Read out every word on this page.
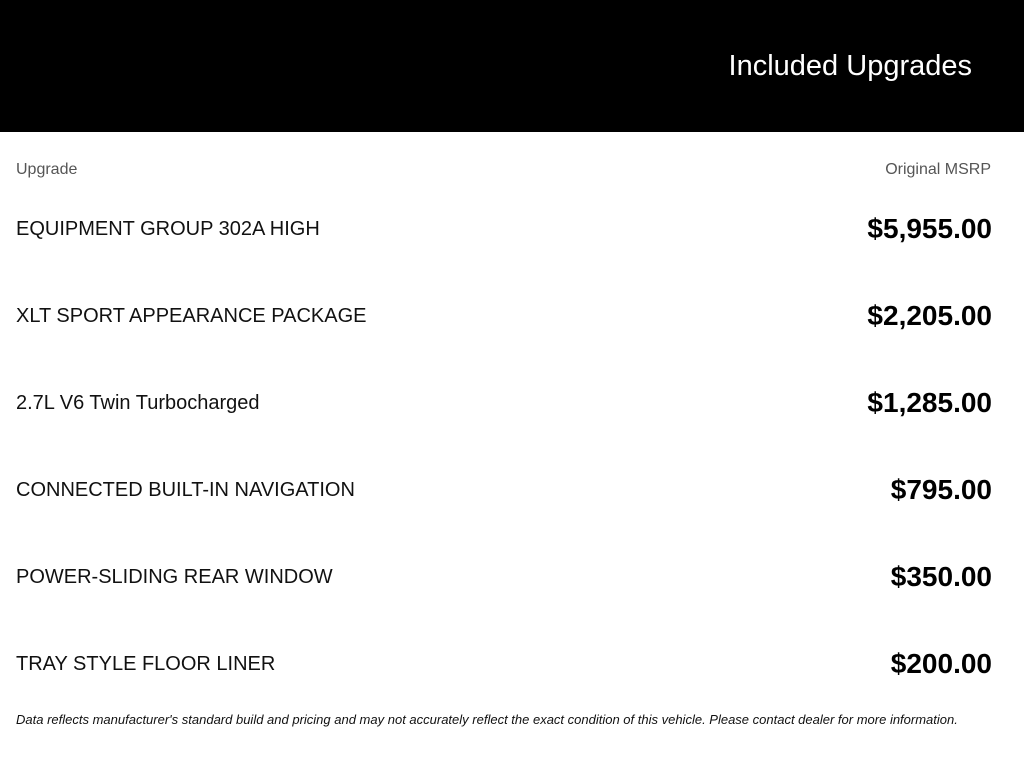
Included Upgrades
Upgrade	Original MSRP
EQUIPMENT GROUP 302A HIGH	$5,955.00
XLT SPORT APPEARANCE PACKAGE	$2,205.00
2.7L V6 Twin Turbocharged	$1,285.00
CONNECTED BUILT-IN NAVIGATION	$795.00
POWER-SLIDING REAR WINDOW	$350.00
TRAY STYLE FLOOR LINER	$200.00
Data reflects manufacturer's standard build and pricing and may not accurately reflect the exact condition of this vehicle. Please contact dealer for more information.
